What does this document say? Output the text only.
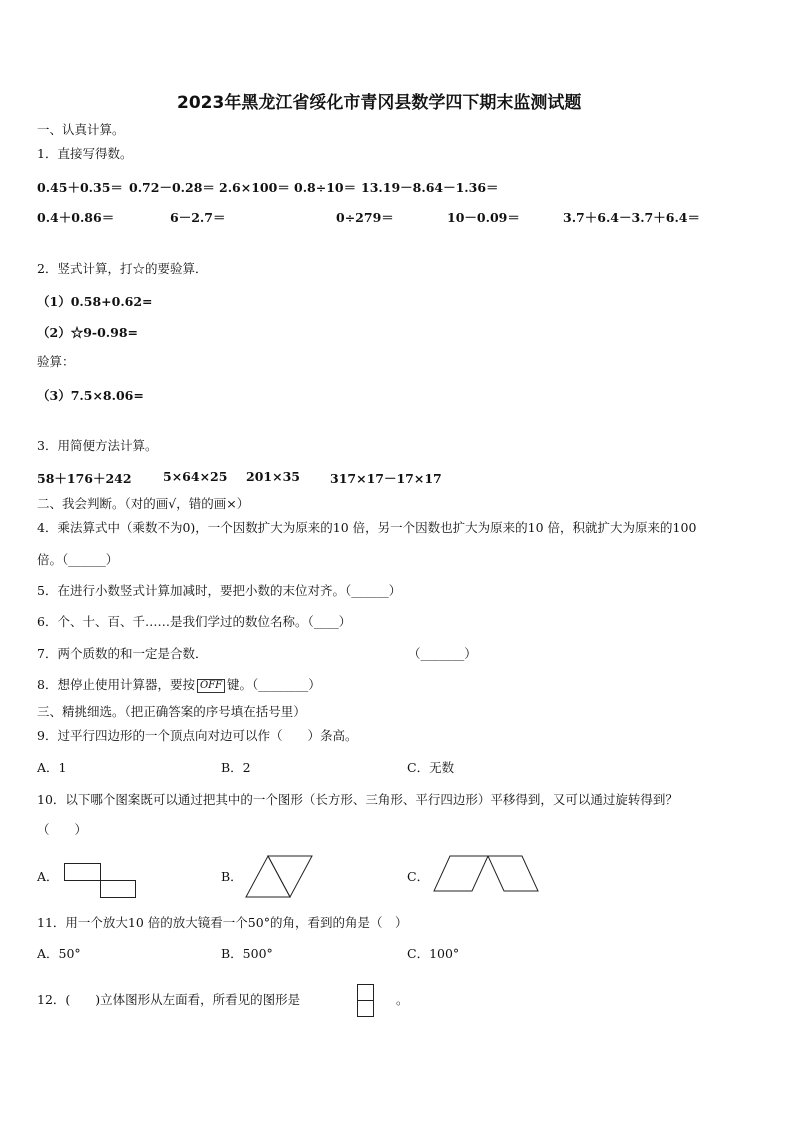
2023年黑龙江省绥化市青冈县数学四下期末监测试题
一、认真计算。
1．直接写得数。
0.45＋0.35＝ 0.72－0.28＝ 2.6×100＝ 0.8÷10＝ 13.19－8.64－1.36＝
0.4＋0.86＝	6－2.7＝	0÷279＝	10－0.09＝	3.7＋6.4－3.7＋6.4＝
2．竖式计算，打☆的要验算．
（1）0.58+0.62=
（2）☆9-0.98=
验算：
（3）7.5×8.06=
3．用简便方法计算。
58＋176＋242	5×64×25 201×35 317×17－17×17
二、我会判断。（对的画√，错的画×）
4．乘法算式中（乘数不为0)，一个因数扩大为原来的10 倍，另一个因数也扩大为原来的10 倍，积就扩大为原来的100
倍。（______）
5．在进行小数竖式计算加减时，要把小数的末位对齐。（______）
6．个、十、百、千……是我们学过的数位名称。（____）
7．两个质数的和一定是合数．	（_______）
8．想停止使用计算器，要按 OFF 键。（________）
三、精挑细选。（把正确答案的序号填在括号里）
9．过平行四边形的一个顶点向对边可以作（　　）条高。
A．1	B．2	C．无数
10．以下哪个图案既可以通过把其中的一个图形（长方形、三角形、平行四边形）平移得到，又可以通过旋转得到？
（　　）
A．	B．	C．
11．用一个放大10 倍的放大镜看一个50°的角，看到的角是（　）
A．50°	B．500°	C．100°
12．(　　)立体图形从左面看，所看见的图形是	。
